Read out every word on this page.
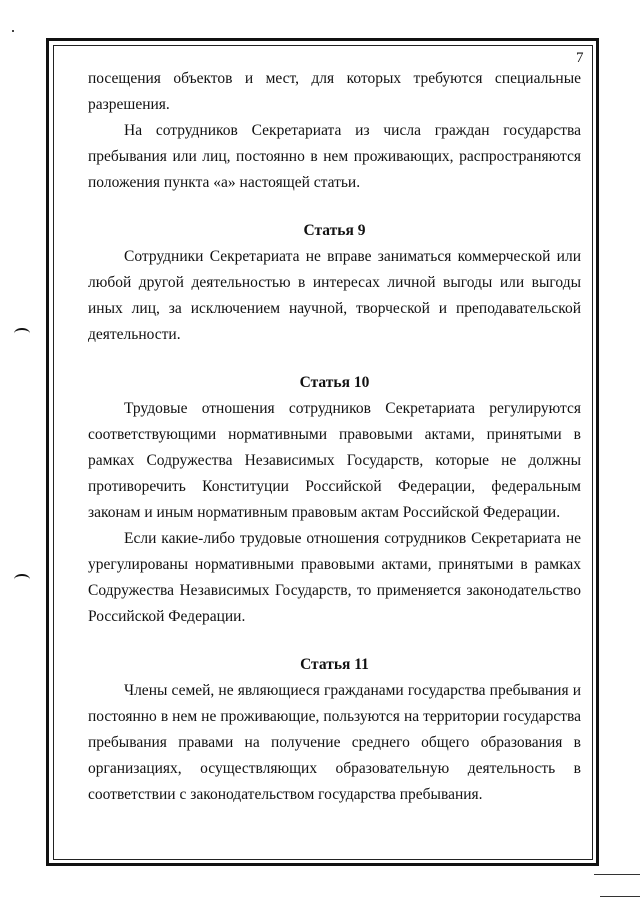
7

посещения объектов и мест, для которых требуются специальные разрешения.

На сотрудников Секретариата из числа граждан государства пребывания или лиц, постоянно в нем проживающих, распространяются положения пункта «а» настоящей статьи.

Статья 9

Сотрудники Секретариата не вправе заниматься коммерческой или любой другой деятельностью в интересах личной выгоды или выгоды иных лиц, за исключением научной, творческой и преподавательской деятельности.

Статья 10

Трудовые отношения сотрудников Секретариата регулируются соответствующими нормативными правовыми актами, принятыми в рамках Содружества Независимых Государств, которые не должны противоречить Конституции Российской Федерации, федеральным законам и иным нормативным правовым актам Российской Федерации.

Если какие-либо трудовые отношения сотрудников Секретариата не урегулированы нормативными правовыми актами, принятыми в рамках Содружества Независимых Государств, то применяется законодательство Российской Федерации.

Статья 11

Члены семей, не являющиеся гражданами государства пребывания и постоянно в нем не проживающие, пользуются на территории государства пребывания правами на получение среднего общего образования в организациях, осуществляющих образовательную деятельность в соответствии с законодательством государства пребывания.
